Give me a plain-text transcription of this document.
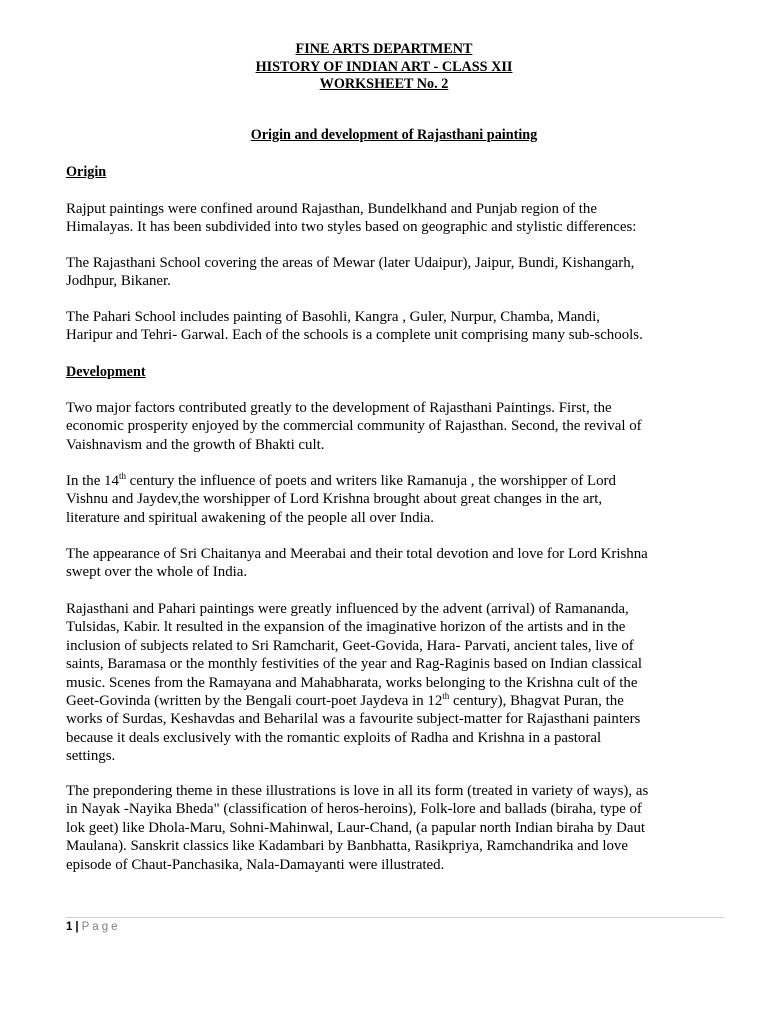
FINE ARTS DEPARTMENT
HISTORY OF INDIAN ART - CLASS XII
WORKSHEET No. 2
Origin and development of Rajasthani painting
Origin
Rajput paintings were confined around Rajasthan, Bundelkhand and Punjab region of the
Himalayas. It has been subdivided into two styles based on geographic and stylistic differences:
The Rajasthani School covering the areas of Mewar (later Udaipur), Jaipur, Bundi, Kishangarh,
Jodhpur, Bikaner.
The Pahari School includes painting of Basohli, Kangra , Guler, Nurpur, Chamba, Mandi,
Haripur and Tehri- Garwal. Each of the schools is a complete unit comprising many sub-schools.
Development
Two major factors contributed greatly to the development of Rajasthani Paintings. First, the
economic prosperity enjoyed by the commercial community of Rajasthan. Second, the revival of
Vaishnavism and the growth of Bhakti cult.
In the 14th century the influence of poets and writers like Ramanuja , the worshipper of Lord
Vishnu and Jaydev,the worshipper of Lord Krishna brought about great changes in the art,
literature and spiritual awakening of the people all over India.
The appearance of Sri Chaitanya and Meerabai and their total devotion and love for Lord Krishna
swept over the whole of India.
Rajasthani and Pahari paintings were greatly influenced by the advent (arrival) of Ramananda,
Tulsidas, Kabir. lt resulted in the expansion of the imaginative horizon of the artists and in the
inclusion of subjects related to Sri Ramcharit, Geet-Govida, Hara- Parvati, ancient tales, live of
saints, Baramasa or the monthly festivities of the year and Rag-Raginis based on Indian classical
music. Scenes from the Ramayana and Mahabharata, works belonging to the Krishna cult of the
Geet-Govinda (written by the Bengali court-poet Jaydeva in 12th century), Bhagvat Puran, the
works of Surdas, Keshavdas and Beharilal was a favourite subject-matter for Rajasthani painters
because it deals exclusively with the romantic exploits of Radha and Krishna in a pastoral
settings.
The prepondering theme in these illustrations is love in all its form (treated in variety of ways), as
in Nayak -Nayika Bheda" (classification of heros-heroins), Folk-lore and ballads (biraha, type of
lok geet) like Dhola-Maru, Sohni-Mahinwal, Laur-Chand, (a papular north Indian biraha by Daut
Maulana). Sanskrit classics like Kadambari by Banbhatta, Rasikpriya, Ramchandrika and love
episode of Chaut-Panchasika, Nala-Damayanti were illustrated.
1 | Page
